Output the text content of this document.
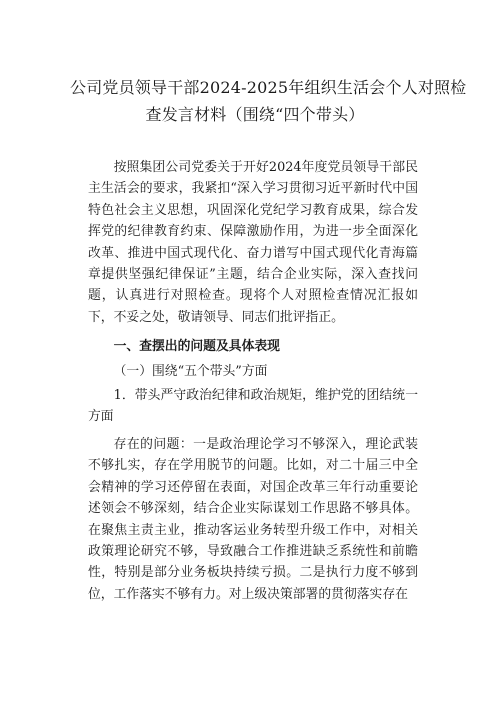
公司党员领导干部2024-2025年组织生活会个人对照检
查发言材料（围绕“四个带头）

按照集团公司党委关于开好2024年度党员领导干部民主生活会的要求，我紧扣“深入学习贯彻习近平新时代中国特色社会主义思想，巩固深化党纪学习教育成果，综合发挥党的纪律教育约束、保障激励作用，为进一步全面深化改革、推进中国式现代化、奋力谱写中国式现代化青海篇章提供坚强纪律保证”主题，结合企业实际，深入查找问题，认真进行对照检查。现将个人对照检查情况汇报如下，不妥之处，敬请领导、同志们批评指正。

一、查摆出的问题及具体表现

（一）围绕“五个带头”方面

1．带头严守政治纪律和政治规矩，维护党的团结统一方面

存在的问题：一是政治理论学习不够深入，理论武装不够扎实，存在学用脱节的问题。比如，对二十届三中全会精神的学习还停留在表面，对国企改革三年行动重要论述领会不够深刻，结合企业实际谋划工作思路不够具体。在聚焦主责主业，推动客运业务转型升级工作中，对相关政策理论研究不够，导致融合工作推进缺乏系统性和前瞻性，特别是部分业务板块持续亏损。二是执行力度不够到位，工作落实不够有力。对上级决策部署的贯彻落实存在
